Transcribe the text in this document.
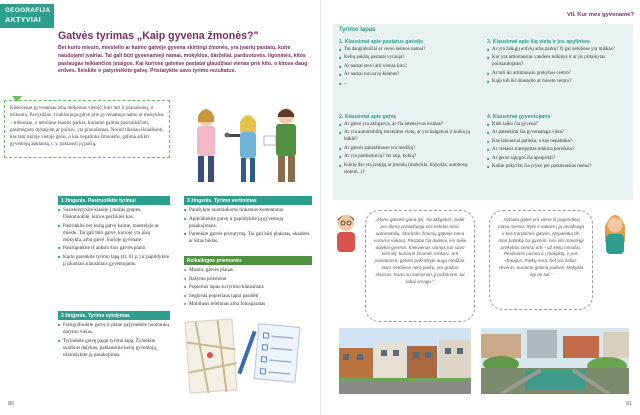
GEOGRAFIJA
AKTYVIAI
Gatvės tyrimas „Kaip gyvena žmonės?"
Bet kurio miesto, miestelio ar kaimo gatvėje gyvena skirtingi žmonės, yra įvairių pastatų, kurie naudojami įvairiai. Tai gali būti gyvenamieji namai, mokyklos, darželiai, parduotuvės, ligoninės, kitos paslaugas teikiančios įstaigos. Kai kuriose gatvėse pastatai glaudžiasi vienas prie kito, o kitose daug erdvės. Ileiskite ir patyrinėkite gatvę. Pristatykite savo tyrimo rezultatus.
Kiekvienas gyvenamas arba mokomas vietoje, kuri turi ir pranašumų, ir trūkumų. Pavyzdžiui, triukšminga gatvė prie gyvenamojo namo ar mokyklos – trūkumas, o netoliese esantis parkas, kuriame galima pasivaikščioti, pasimėgauti dyka(e)m ar poilsiu, yra pranašumas. Norint tiksliau išsiaiškinti, kas tam tikroje vietoje gerai, o kas nepatinka žmonėms, galima atlikti gyventojų apklausą, t. y. paklausti jų pačių.
1 žingsnis. Pasiruoškite tyrimui
■ Susiskirstykite klasėje į mažas grupes. Diskutuokite, kurios peržiūrės kas.
■ Pasirinkite bet kurią gatvę kaime, miestelyje ar mieste. Tai gali būti gatvė, kurioje yra jūsų mokykla, arba gatvė, kurioje gyvenate.
■ Pasirūpinkite iš anksto šios gatvės plano.
■ Kartu parenkite tyrimo lapą (žr. 81 p.) ir papildykite jį įdomiais klausimais gyventojams.
2 žingsnis. Tyrimo vykdymas
■ Fotografuokite gatvę ir plane pažymėkite nuotraukų darymo vietas.
■ Tyrinėkite gatvę pagal tyrimo lapą. Žymėkite svarbius dalykus, paklauskite kelių gyventojų, užsirašykite jų pasakojimus.
3 žingsnis. Tyrimo vertinimas
■ Parašykite nuotraukoms tinkamus komentarus.
■ Apibūdinkite gatvę ir papildykite ją gyventojų pasakojimais.
■ Parenkite gatvės pristatymą. Tai gali būti plakatas, skaidrės ar kitas būdas.
Reikalingos priemonės
■ Miesto, gatvės planas
■ Rašymo priemonė
■ Popierius lapas su tyrimo klausimais
■ Segtuvas popieriaus lapui pasidėti
■ Mobilusis telefonas arba fotoaparatas
80
VII. Kur mes gyvename?
Tyrimo lapas
1. Klausimai apie pastatus gatvėje
■ Tai daugiabučiai ar vieno šeimos namai?
■ Kelių aukštų pastatai vyrauja?
■ Ar namai stovi arti vienas kito?
■ Ar namai turi savo kiemus?
■ ...
2. Klausimai apie gatvę
■ Ar gatvė yra akligatvis, ar čia intensyvus eismas?
■ Ar yra automobilių stovėjimo vietų, ar yra kalgatvai ir kokia jų būklė?
■ Ar gatvės pakraštiuose yra medžių?
■ Ar yra parduotuvių? Jei taip, kokių?
■ Kokių dar yra įstaigų ar įmonių (mokykla, kirpykla, autobusų stotelė...)?
3. Klausimai apie šią vietą ir jos apylinkes
■ Ar yra žaliųjų erdvių arba parkų? O gal netoliese yra miškas?
■ Kur yra artimiausias vandens telkinys ir ar jis pritaikytas poilsiautojams?
■ Ar toli iki artimiausio prekybos centro?
■ Kaip toli iki miestelio ar miesto centro?
4. Klausimai gyventojams
■ Kiek laiko čia gyvena?
■ Ar patenkinti šia gyvenamąja vieta?
■ Kas labiausiai patinka, o kas nepatinka?
■ Ar vietasis transportas tenkina poreikius?
■ Ar geros sąlygos čia apsipirkti?
■ Kokie pokyčiai čia įvyko per pastaruosius metus?
„Mano gatvelė gana tyli. Tai akligatvis, todėl per dieną pravažiuoja vos keletas kitos automobilių. Štai koks žmonių gatvėje būna vasaros vakarą. Pastatai čia daliniai, esi tokie dalykai gyvena. Kiekvienas namas turi savo kiemelį, kuriame žmonės renkasi. Arti pastatuose, gatvės pakraštyje auga medžiai. Nors netoliese nėra parko, yra gražus skveras. Kartu su kaimynais jį prižiūrime, tai labai smagu."
„Vytauto gatvė yra viena iš pagrindinių mūsų miesto. Ryte ir vakare į ją atvažiuoja ir keli tranzitinės gatvės. Nepatinka tik, man patinka čia gyventi, nes visi maistingi prekybos centrai arti – už kelių minučių. Pėsčiomis nueinu ir į mokyklą, ir pas draugus. Parkų nėra, bet yra žalias skveras, kuriame galima pailsėti. Mokykla irgi ne toli."
81
